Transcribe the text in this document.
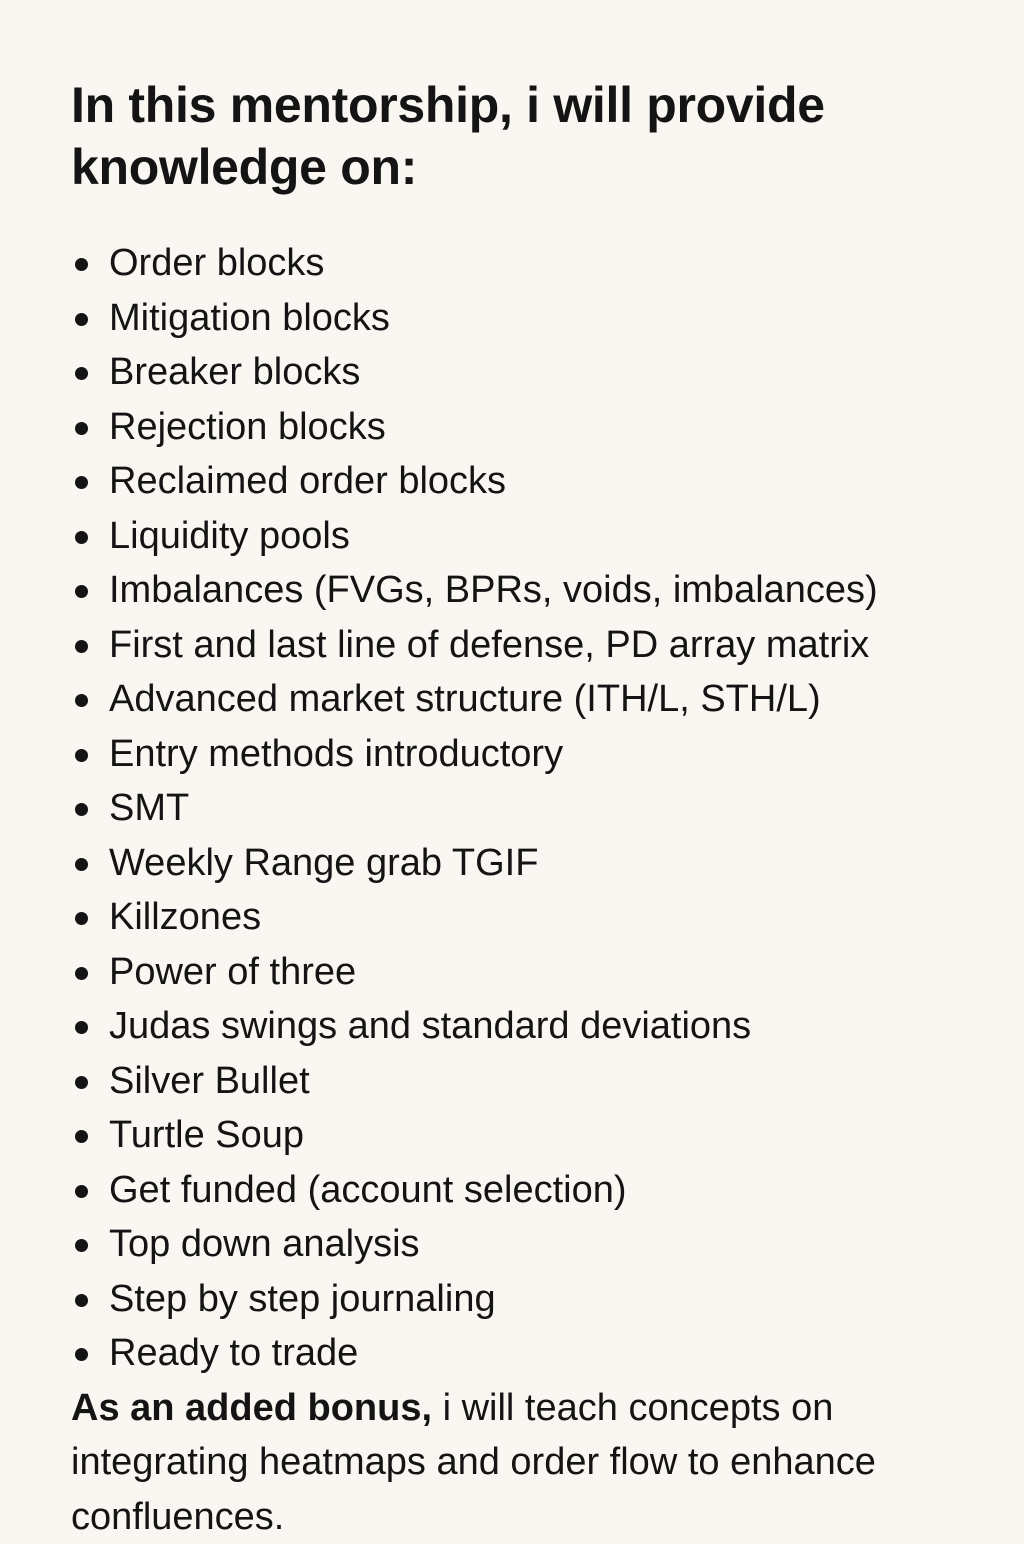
In this mentorship, i will provide knowledge on:
Order blocks
Mitigation blocks
Breaker blocks
Rejection blocks
Reclaimed order blocks
Liquidity pools
Imbalances (FVGs, BPRs, voids, imbalances)
First and last line of defense, PD array matrix
Advanced market structure (ITH/L, STH/L)
Entry methods introductory
SMT
Weekly Range grab TGIF
Killzones
Power of three
Judas swings and standard deviations
Silver Bullet
Turtle Soup
Get funded (account selection)
Top down analysis
Step by step journaling
Ready to trade

As an added bonus, i will teach concepts on integrating heatmaps and order flow to enhance confluences.
